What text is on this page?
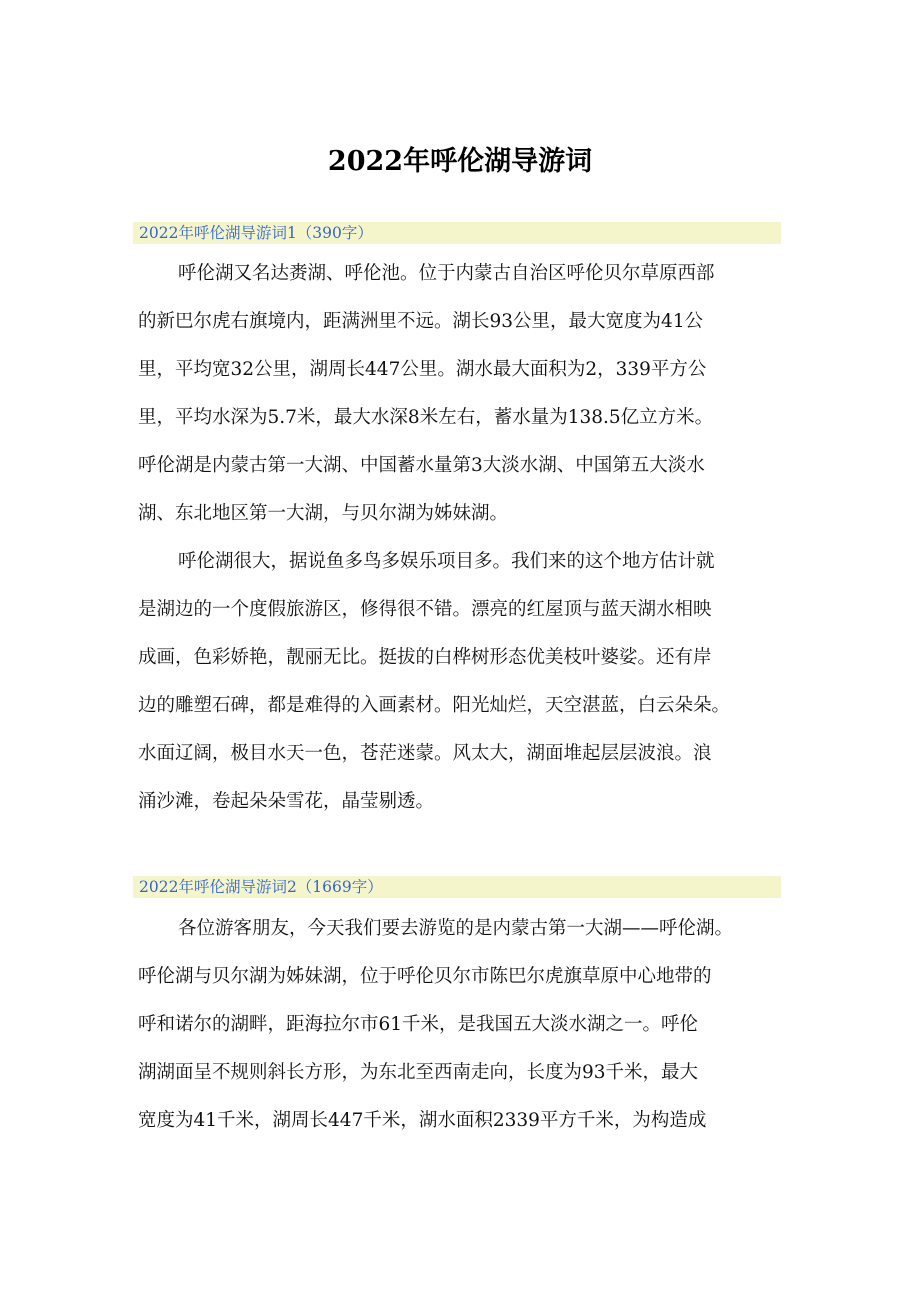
2022年呼伦湖导游词
2022年呼伦湖导游词1（390字）
呼伦湖又名达赉湖、呼伦池。位于内蒙古自治区呼伦贝尔草原西部
的新巴尔虎右旗境内，距满洲里不远。湖长93公里，最大宽度为41公
里，平均宽32公里，湖周长447公里。湖水最大面积为2，339平方公
里，平均水深为5.7米，最大水深8米左右，蓄水量为138.5亿立方米。
呼伦湖是内蒙古第一大湖、中国蓄水量第3大淡水湖、中国第五大淡水
湖、东北地区第一大湖，与贝尔湖为姊妹湖。
呼伦湖很大，据说鱼多鸟多娱乐项目多。我们来的这个地方估计就
是湖边的一个度假旅游区，修得很不错。漂亮的红屋顶与蓝天湖水相映
成画，色彩娇艳，靓丽无比。挺拔的白桦树形态优美枝叶婆娑。还有岸
边的雕塑石碑，都是难得的入画素材。阳光灿烂，天空湛蓝，白云朵朵。
水面辽阔，极目水天一色，苍茫迷蒙。风太大，湖面堆起层层波浪。浪
涌沙滩，卷起朵朵雪花，晶莹剔透。
2022年呼伦湖导游词2（1669字）
各位游客朋友，今天我们要去游览的是内蒙古第一大湖——呼伦湖。
呼伦湖与贝尔湖为姊妹湖，位于呼伦贝尔市陈巴尔虎旗草原中心地带的
呼和诺尔的湖畔，距海拉尔市61千米，是我国五大淡水湖之一。呼伦
湖湖面呈不规则斜长方形，为东北至西南走向，长度为93千米，最大
宽度为41千米，湖周长447千米，湖水面积2339平方千米，为构造成
